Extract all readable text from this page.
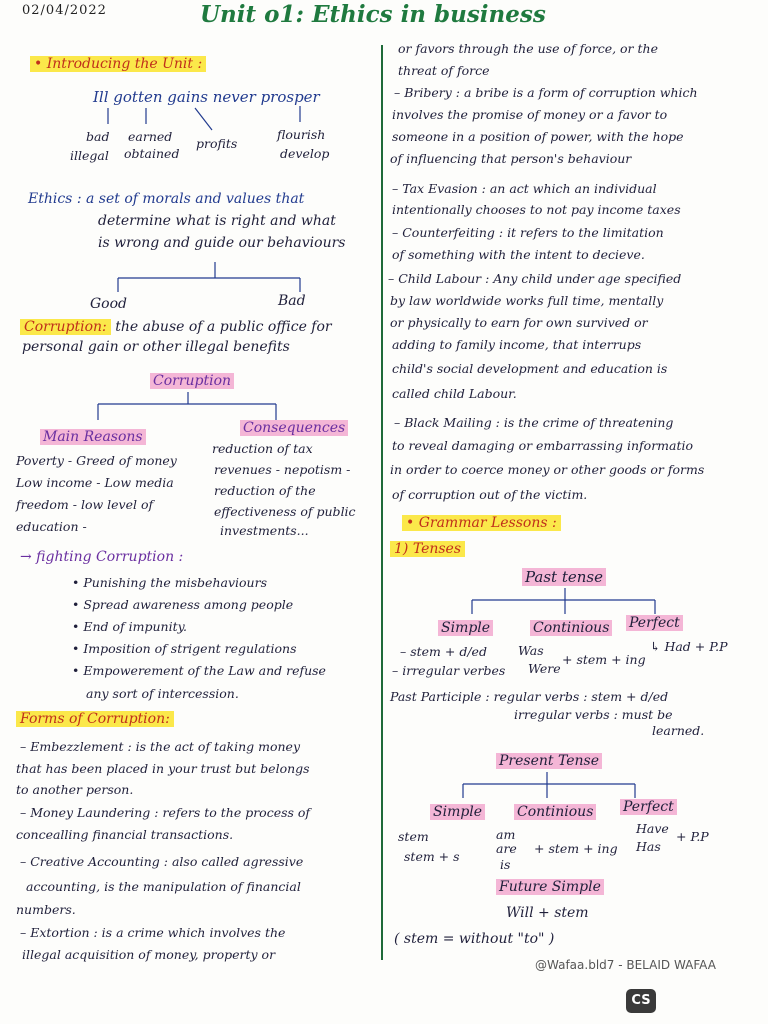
02/04/2022	Unit o1: Ethics in business
• Introducing the Unit :
Ill gotten gains never prosper
bad
illegal
earned
obtained
profits
flourish
develop
Ethics : a set of morals and values that
determine what is right and what
is wrong and guide our behaviours
Good	Bad
Corruption: the abuse of a public office for
personal gain or other illegal benefits
Corruption
Main Reasons
Poverty - Greed of money
Low income - Low media
freedom - low level of
education -
Consequences
reduction of tax
revenues - nepotism -
reduction of the
effectiveness of public
investments...
→ fighting Corruption :
• Punishing the misbehaviours
• Spread awareness among people
• End of impunity.
• Imposition of strigent regulations
• Empowerement of the Law and refuse
any sort of intercession.
Forms of Corruption:
– Embezzlement : is the act of taking money
that has been placed in your trust but belongs
to another person.
– Money Laundering : refers to the process of
concealling financial transactions.
– Creative Accounting : also called agressive
accounting, is the manipulation of financial
numbers.
– Extortion : is a crime which involves the
illegal acquisition of money, property or
or favors through the use of force, or the
threat of force
– Bribery : a bribe is a form of corruption which
involves the promise of money or a favor to
someone in a position of power, with the hope
of influencing that person's behaviour
– Tax Evasion : an act which an individual
intentionally chooses to not pay income taxes
– Counterfeiting : it refers to the limitation
of something with the intent to decieve.
– Child Labour : Any child under age specified
by law worldwide works full time, mentally
or physically to earn for own survived or
adding to family income, that interrups
child's social development and education is
called child Labour.
– Black Mailing : is the crime of threatening
to reveal damaging or embarrassing informatio
in order to coerce money or other goods or forms
of corruption out of the victim.
• Grammar Lessons :
1) Tenses
Past tense
Simple	Continious Perfect
– stem + d/ed
– irregular verbes
Was
Were
+ stem + ing
↳ Had + P.P
Past Participle : regular verbs : stem + d/ed
irregular verbs : must be
learned.
Present Tense
Simple Continious Perfect
stem
stem + s
am
are
is
+ stem + ing
Have
Has
+ P.P
Future Simple
Will + stem
( stem = without "to" )
@Wafaa.bld7 - BELAID WAFAA
CS
